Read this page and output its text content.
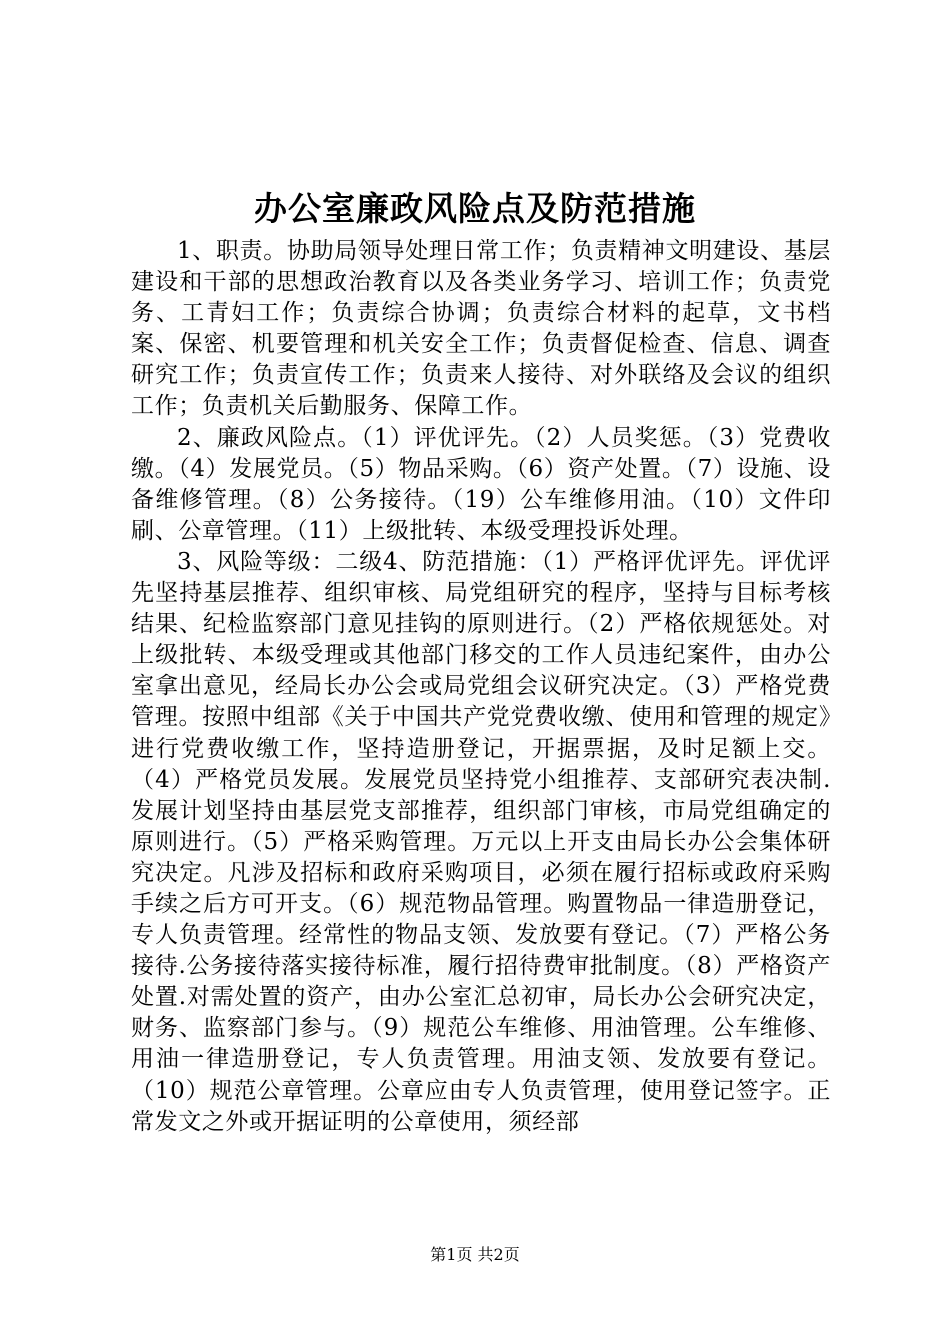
办公室廉政风险点及防范措施

1、职责。协助局领导处理日常工作；负责精神文明建设、基层建设和干部的思想政治教育以及各类业务学习、培训工作；负责党务、工青妇工作；负责综合协调；负责综合材料的起草，文书档案、保密、机要管理和机关安全工作；负责督促检查、信息、调查研究工作；负责宣传工作；负责来人接待、对外联络及会议的组织工作；负责机关后勤服务、保障工作。

2、廉政风险点。（1）评优评先。（2）人员奖惩。（3）党费收缴。（4）发展党员。（5）物品采购。（6）资产处置。（7）设施、设备维修管理。（8）公务接待。（19）公车维修用油。（10）文件印刷、公章管理。（11）上级批转、本级受理投诉处理。

3、风险等级：二级4、防范措施：（1）严格评优评先。评优评先坚持基层推荐、组织审核、局党组研究的程序，坚持与目标考核结果、纪检监察部门意见挂钩的原则进行。（2）严格依规惩处。对上级批转、本级受理或其他部门移交的工作人员违纪案件，由办公室拿出意见，经局长办公会或局党组会议研究决定。（3）严格党费管理。按照中组部《关于中国共产党党费收缴、使用和管理的规定》进行党费收缴工作，坚持造册登记，开据票据，及时足额上交。（4）严格党员发展。发展党员坚持党小组推荐、支部研究表决制.发展计划坚持由基层党支部推荐，组织部门审核，市局党组确定的原则进行。（5）严格采购管理。万元以上开支由局长办公会集体研究决定。凡涉及招标和政府采购项目，必须在履行招标或政府采购手续之后方可开支。（6）规范物品管理。购置物品一律造册登记，专人负责管理。经常性的物品支领、发放要有登记。（7）严格公务接待.公务接待落实接待标准，履行招待费审批制度。（8）严格资产处置.对需处置的资产，由办公室汇总初审，局长办公会研究决定，财务、监察部门参与。（9）规范公车维修、用油管理。公车维修、用油一律造册登记，专人负责管理。用油支领、发放要有登记。（10）规范公章管理。公章应由专人负责管理，使用登记签字。正常发文之外或开据证明的公章使用，须经部

第1页 共2页
